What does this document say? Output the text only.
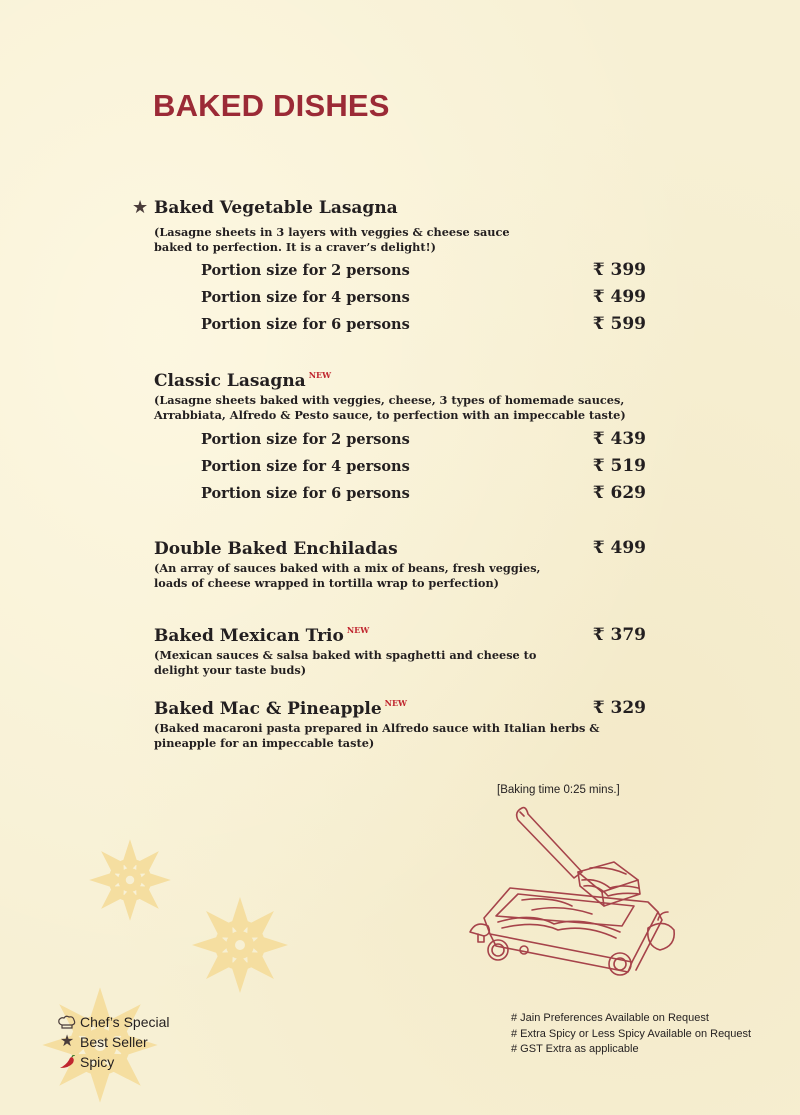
BAKED DISHES
★ Baked Vegetable Lasagna
(Lasagne sheets in 3 layers with veggies & cheese sauce
baked to perfection. It is a craver’s delight!)
Portion size for 2 persons	₹ 399
Portion size for 4 persons	₹ 499
Portion size for 6 persons	₹ 599
Classic Lasagna $^{NEW}$
(Lasagne sheets baked with veggies, cheese, 3 types of homemade sauces,
Arrabbiata, Alfredo & Pesto sauce, to perfection with an impeccable taste)
Portion size for 2 persons	₹ 439
Portion size for 4 persons	₹ 519
Portion size for 6 persons	₹ 629
Double Baked Enchiladas
(An array of sauces baked with a mix of beans, fresh veggies,
loads of cheese wrapped in tortilla wrap to perfection)
₹ 499
Baked Mexican Trio $^{NEW}$
(Mexican sauces & salsa baked with spaghetti and cheese to
delight your taste buds)
₹ 379
Baked Mac & Pineapple $^{NEW}$
(Baked macaroni pasta prepared in Alfredo sauce with Italian herbs &
pineapple for an impeccable taste)
₹ 329
[Baking time 0:25 mins.]
# Jain Preferences Available on Request
# Extra Spicy or Less Spicy Available on Request
# GST Extra as applicable
Chef’s Special
★ Best Seller
Spicy
